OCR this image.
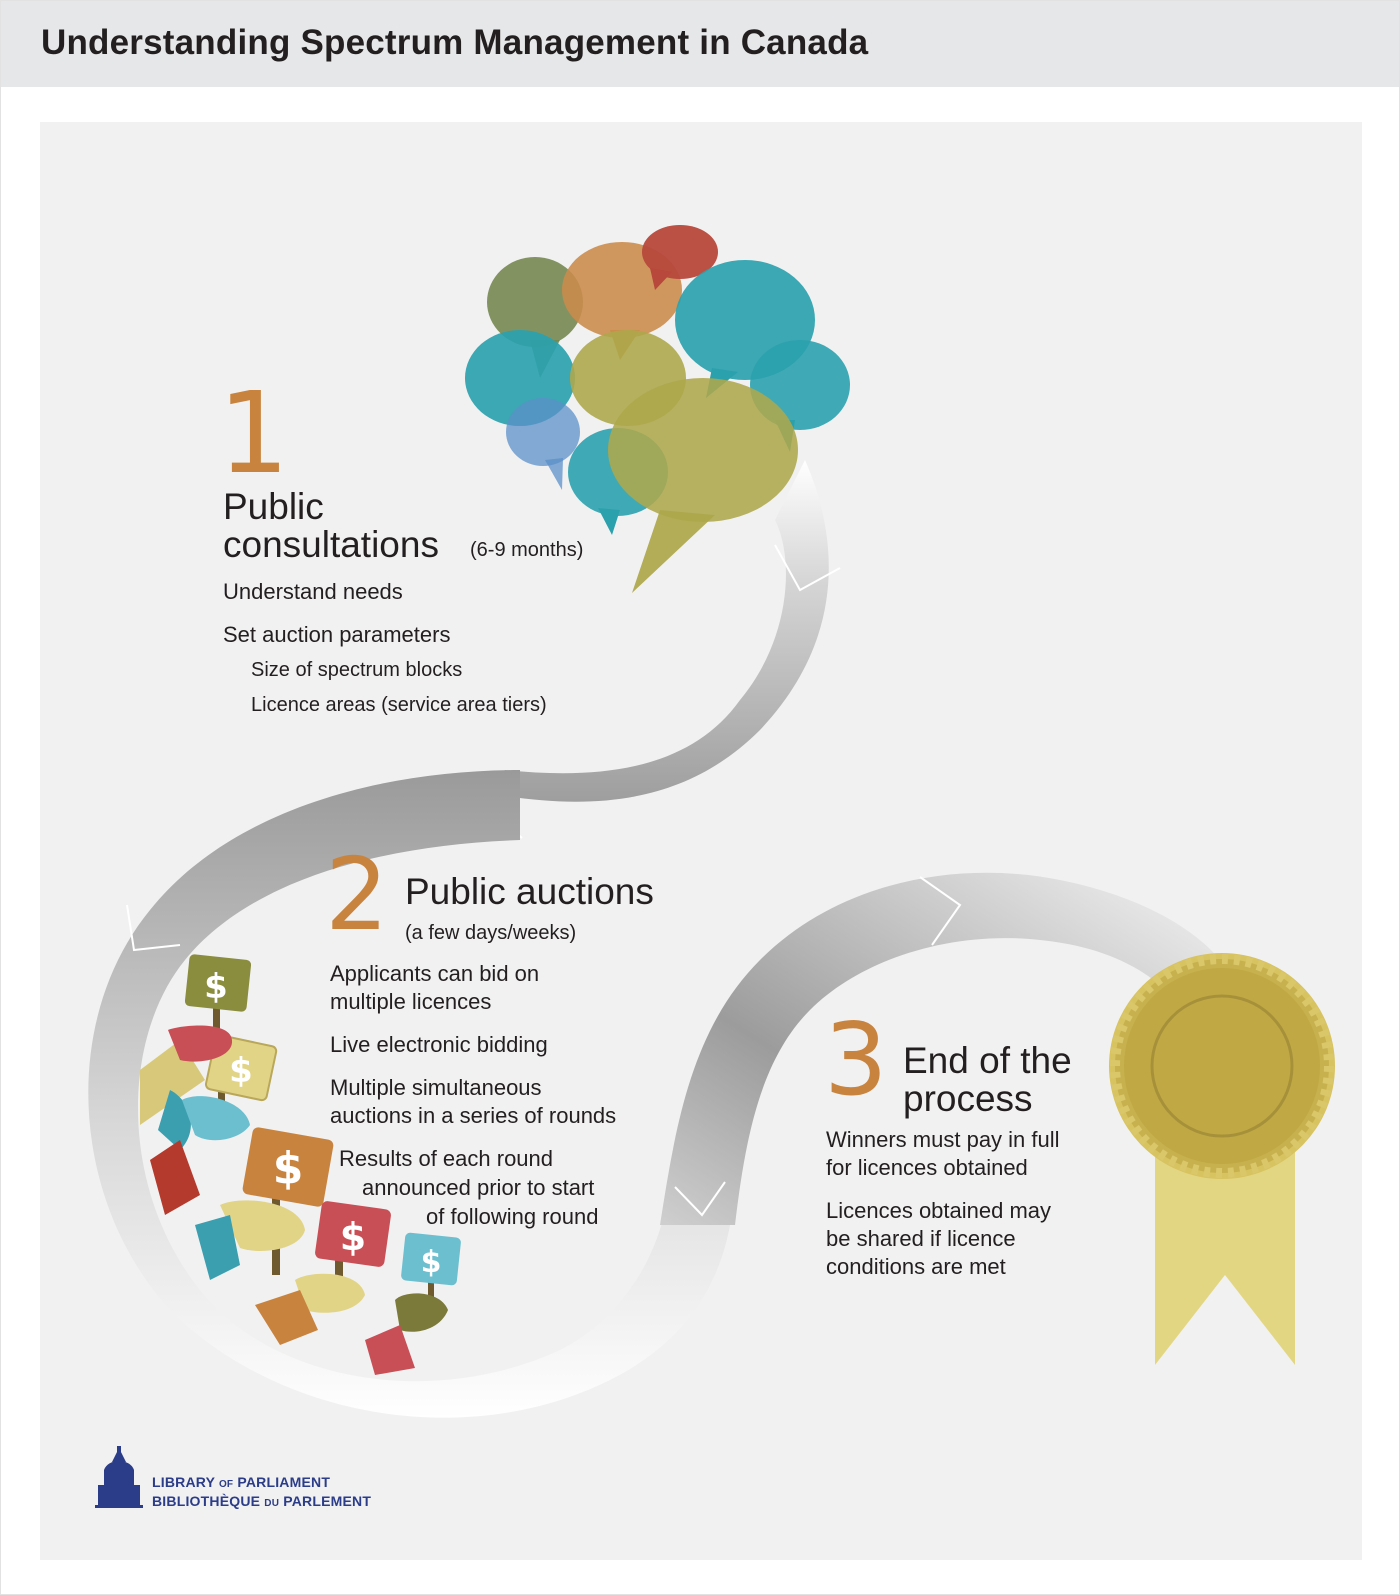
Understanding Spectrum Management in Canada
$
$
$
$
$
1
Public
consultations (6-9 months)
Understand needs
Set auction parameters
Size of spectrum blocks
Licence areas (service area tiers)
2 Public auctions
(a few days/weeks)
Applicants can bid on
multiple licences
Live electronic bidding
Multiple simultaneous
auctions in a series of rounds
Results of each round
announced prior to start
of following round
3 End of the
process
Winners must pay in full
for licences obtained
Licences obtained may
be shared if licence
conditions are met
LIBRARY OF PARLIAMENT
BIBLIOTHÈQUE DU PARLEMENT
